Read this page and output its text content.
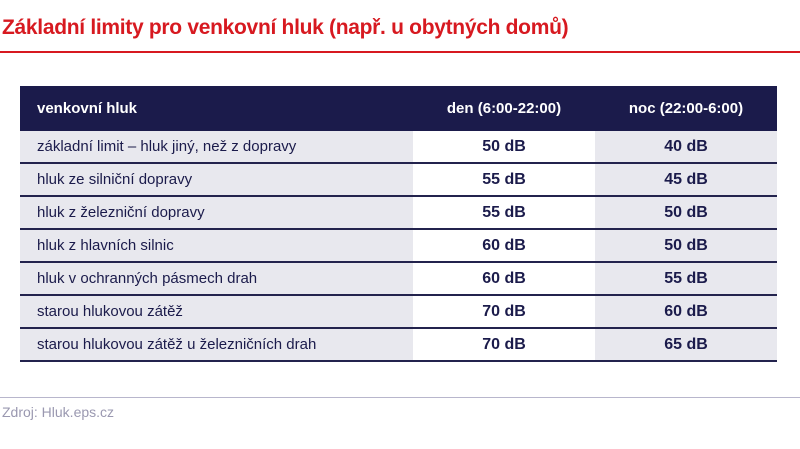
Základní limity pro venkovní hluk (např. u obytných domů)
venkovní hluk	den (6:00-22:00)	noc (22:00-6:00)
základní limit – hluk jiný, než z dopravy	50 dB	40 dB
hluk ze silniční dopravy	55 dB	45 dB
hluk z železniční dopravy	55 dB	50 dB
hluk z hlavních silnic	60 dB	50 dB
hluk v ochranných pásmech drah	60 dB	55 dB
starou hlukovou zátěž	70 dB	60 dB
starou hlukovou zátěž u železničních drah	70 dB	65 dB
Zdroj: Hluk.eps.cz
